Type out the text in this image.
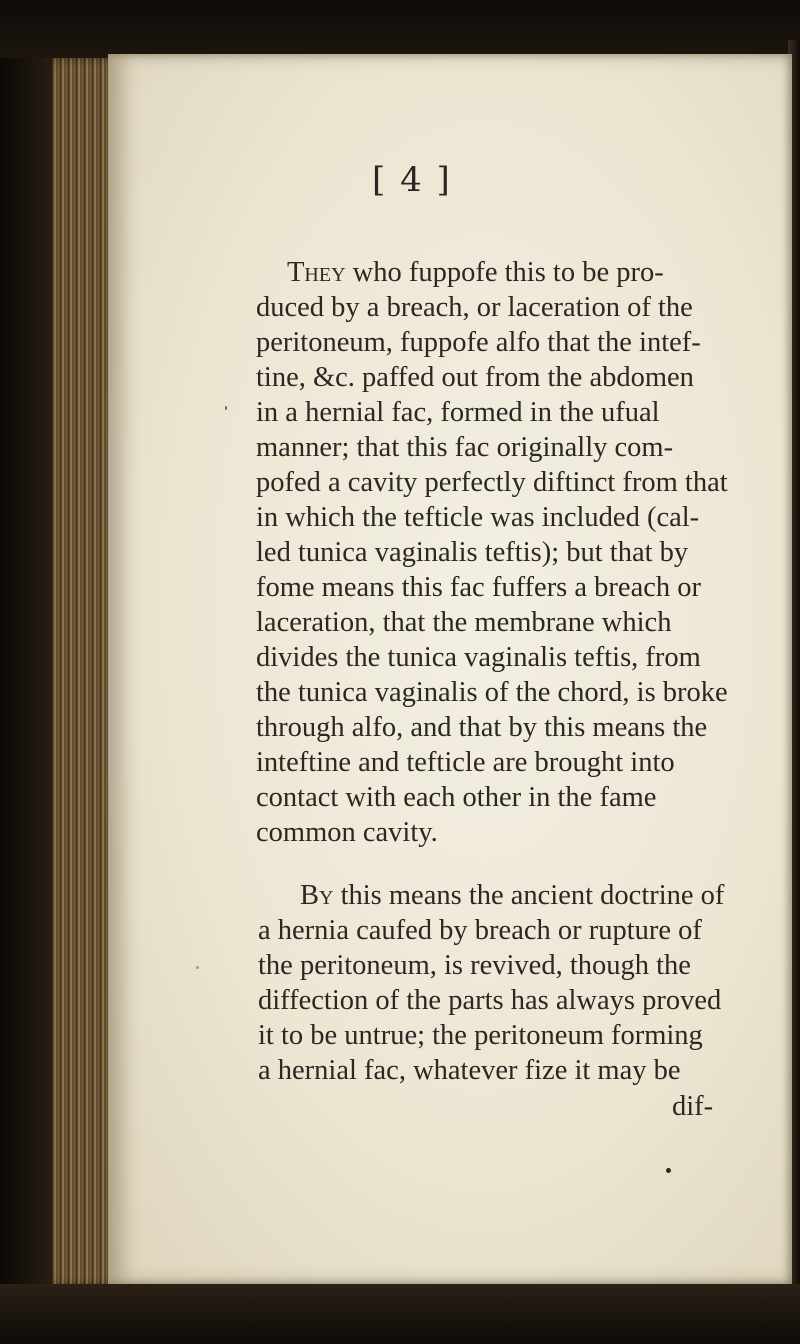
[ 4 ]
They who fuppofe this to be pro-
duced by a breach, or laceration of the
peritoneum, fuppofe alfo that the intef-
tine, &c. paffed out from the abdomen
in a hernial fac, formed in the ufual
manner; that this fac originally com-
pofed a cavity perfectly diftinct from that
in which the tefticle was included (cal-
led tunica vaginalis teftis); but that by
fome means this fac fuffers a breach or
laceration, that the membrane which
divides the tunica vaginalis teftis, from
the tunica vaginalis of the chord, is broke
through alfo, and that by this means the
inteftine and tefticle are brought into
contact with each other in the fame
common cavity.
By this means the ancient doctrine of
a hernia caufed by breach or rupture of
the peritoneum, is revived, though the
diffection of the parts has always proved
it to be untrue; the peritoneum forming
a hernial fac, whatever fize it may be
dif-
